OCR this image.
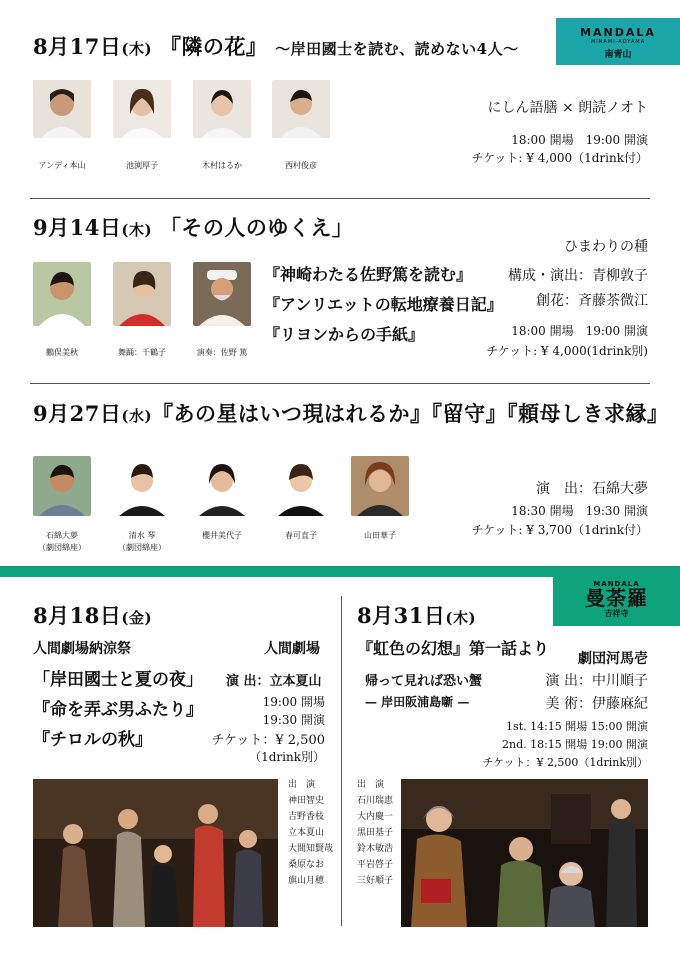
MANDALA
MINAMI-AOYAMA
南青山
8月17日(木) 『隣の花』 〜岸田國士を読む、読めない4人〜
アンディ本山	池渕厚子	木村はるか	西村俊彦
にしん語膳 × 朗読ノオト
18:00 開場　19:00 開演
チケット: ¥ 4,000（1drink付）
9月14日(木) 「その人のゆくえ」
ひまわりの種
鵬俣美秋	舞踊：千鶴子	演奏：佐野 篤
『神崎わたる佐野篤を読む』
『アンリエットの転地療養日記』
『リヨンからの手紙』
構成・演出：青柳敦子
創花：斉藤茶微江
18:00 開場　19:00 開演
チケット: ¥ 4,000(1drink別)
9月27日(水)『あの星はいつ現はれるか』『留守』『頼母しき求縁』
石綿大夢
（劇団綿座）
清水 琴
（劇団綿座）
櫻井美代子	春可直子	山田華子
演　出：石綿大夢
18:30 開場　19:30 開演
チケット: ¥ 3,700（1drink付）
MANDALA
曼荼羅
吉祥寺
8月18日(金)
人間劇場納涼祭	人間劇場
「岸田國士と夏の夜」
『命を弄ぶ男ふたり』
『チロルの秋』
演 出：立本夏山
19:00 開場
19:30 開演
チケット：¥ 2,500
（1drink別）
出　演
神田智史
吉野香枝
立本夏山
大間知賢哉
桑原なお
旗山月穂
8月31日(木)
『虹色の幻想』第一話より
劇団河馬壱
帰って見れば恐い蟹
— 岸田阪浦島噺 —
演 出：中川順子
美 術：伊藤麻紀
1st. 14:15 開場 15:00 開演
2nd. 18:15 開場 19:00 開演
チケット：¥ 2,500（1drink別）
出　演
石川瑞恵
大内慶一
黒田基子
鈴木敏浩
平岩啓子
三好順子
